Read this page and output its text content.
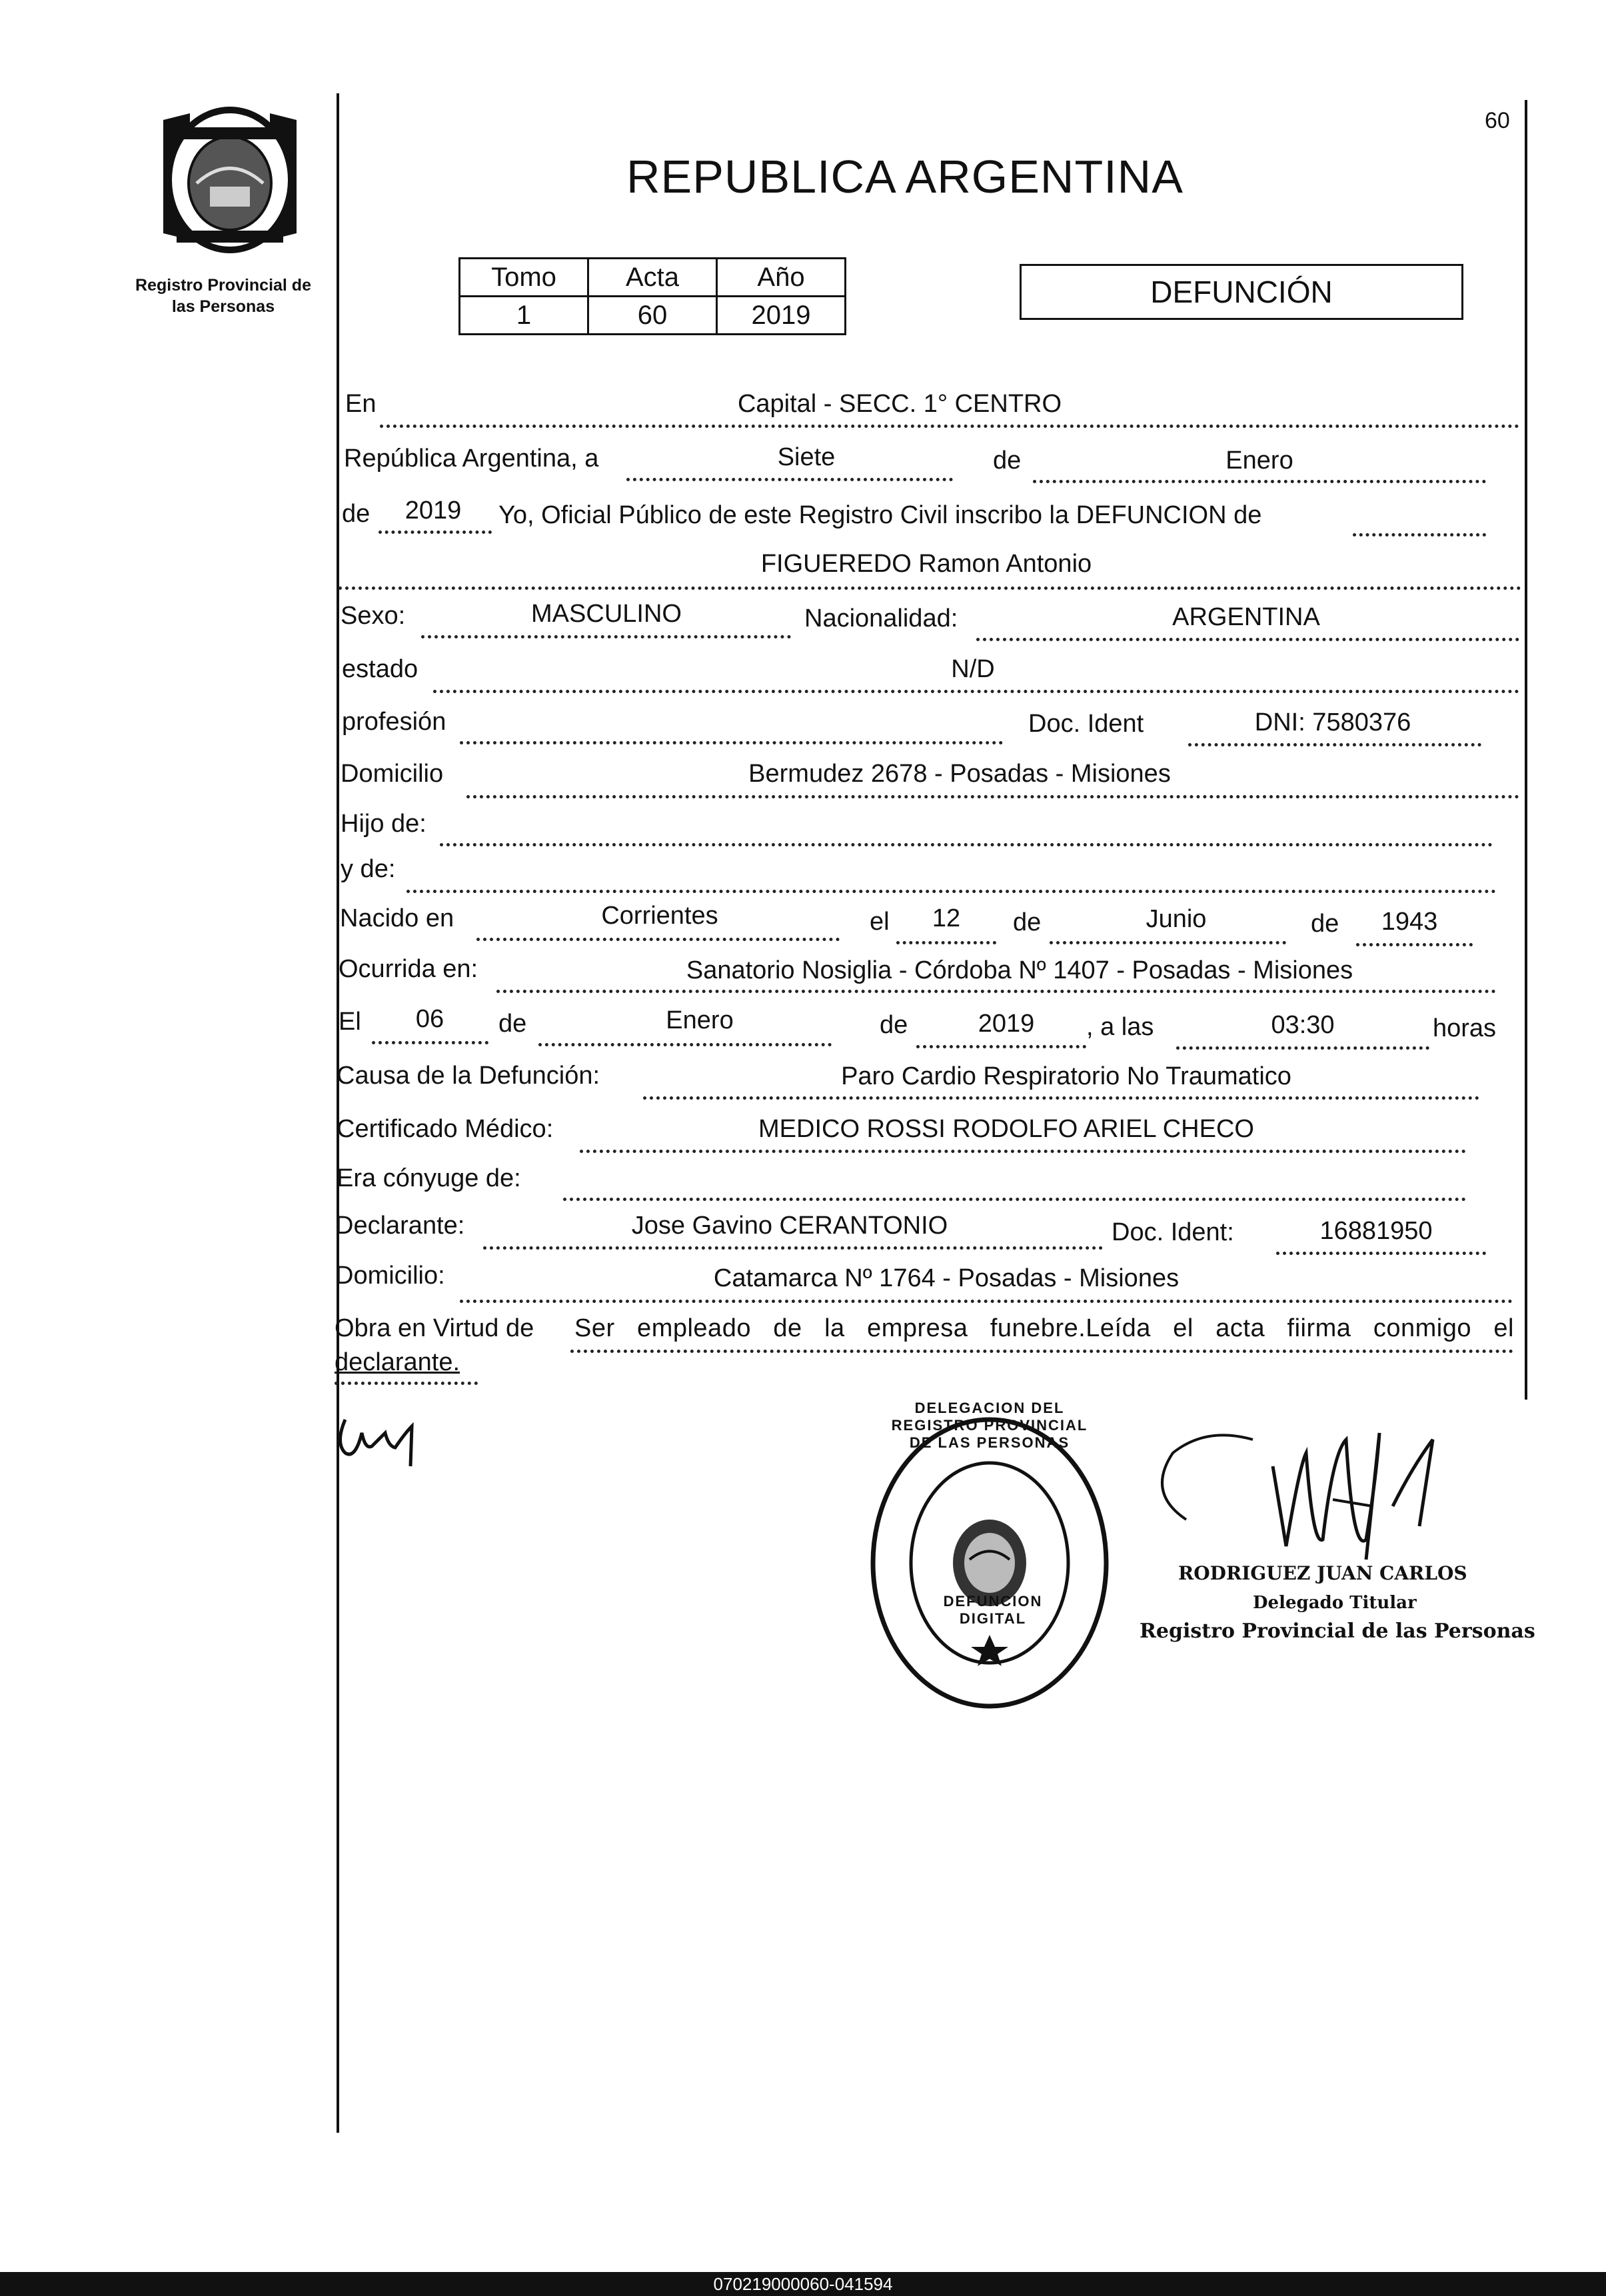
Registro Provincial de
las Personas
60
REPUBLICA ARGENTINA
Tomo	Acta	Año
1	60	2019
DEFUNCIÓN
En	Capital - SECC. 1° CENTRO
República Argentina, a	Siete	de	Enero
de	2019	Yo, Oficial Público de este Registro Civil inscribo la DEFUNCION de
FIGUEREDO Ramon Antonio
Sexo:	MASCULINO	Nacionalidad:	ARGENTINA
estado	N/D
profesión	Doc. Ident	DNI: 7580376
Domicilio	Bermudez 2678 - Posadas - Misiones
Hijo de:
y de:
Nacido en	Corrientes	el	12	de	Junio	de	1943
Ocurrida en:	Sanatorio Nosiglia - Córdoba Nº 1407 - Posadas - Misiones
El	06	de	Enero	de	2019	, a las	03:30	horas
Causa de la Defunción:	Paro Cardio Respiratorio No Traumatico
Certificado Médico:	MEDICO ROSSI RODOLFO ARIEL CHECO
Era cónyuge de:
Declarante:	Jose Gavino CERANTONIO	Doc. Ident:	16881950
Domicilio:	Catamarca Nº 1764 - Posadas - Misiones
Obra en Virtud de Ser empleado de la empresa funebre.Leída el acta fiirma conmigo el
declarante.
DELEGACION DEL REGISTRO PROVINCIAL DE LAS PERSONAS
DEFUNCION DIGITAL
RODRIGUEZ JUAN CARLOS
Delegado Titular
Registro Provincial de las Personas
070219000060-041594
